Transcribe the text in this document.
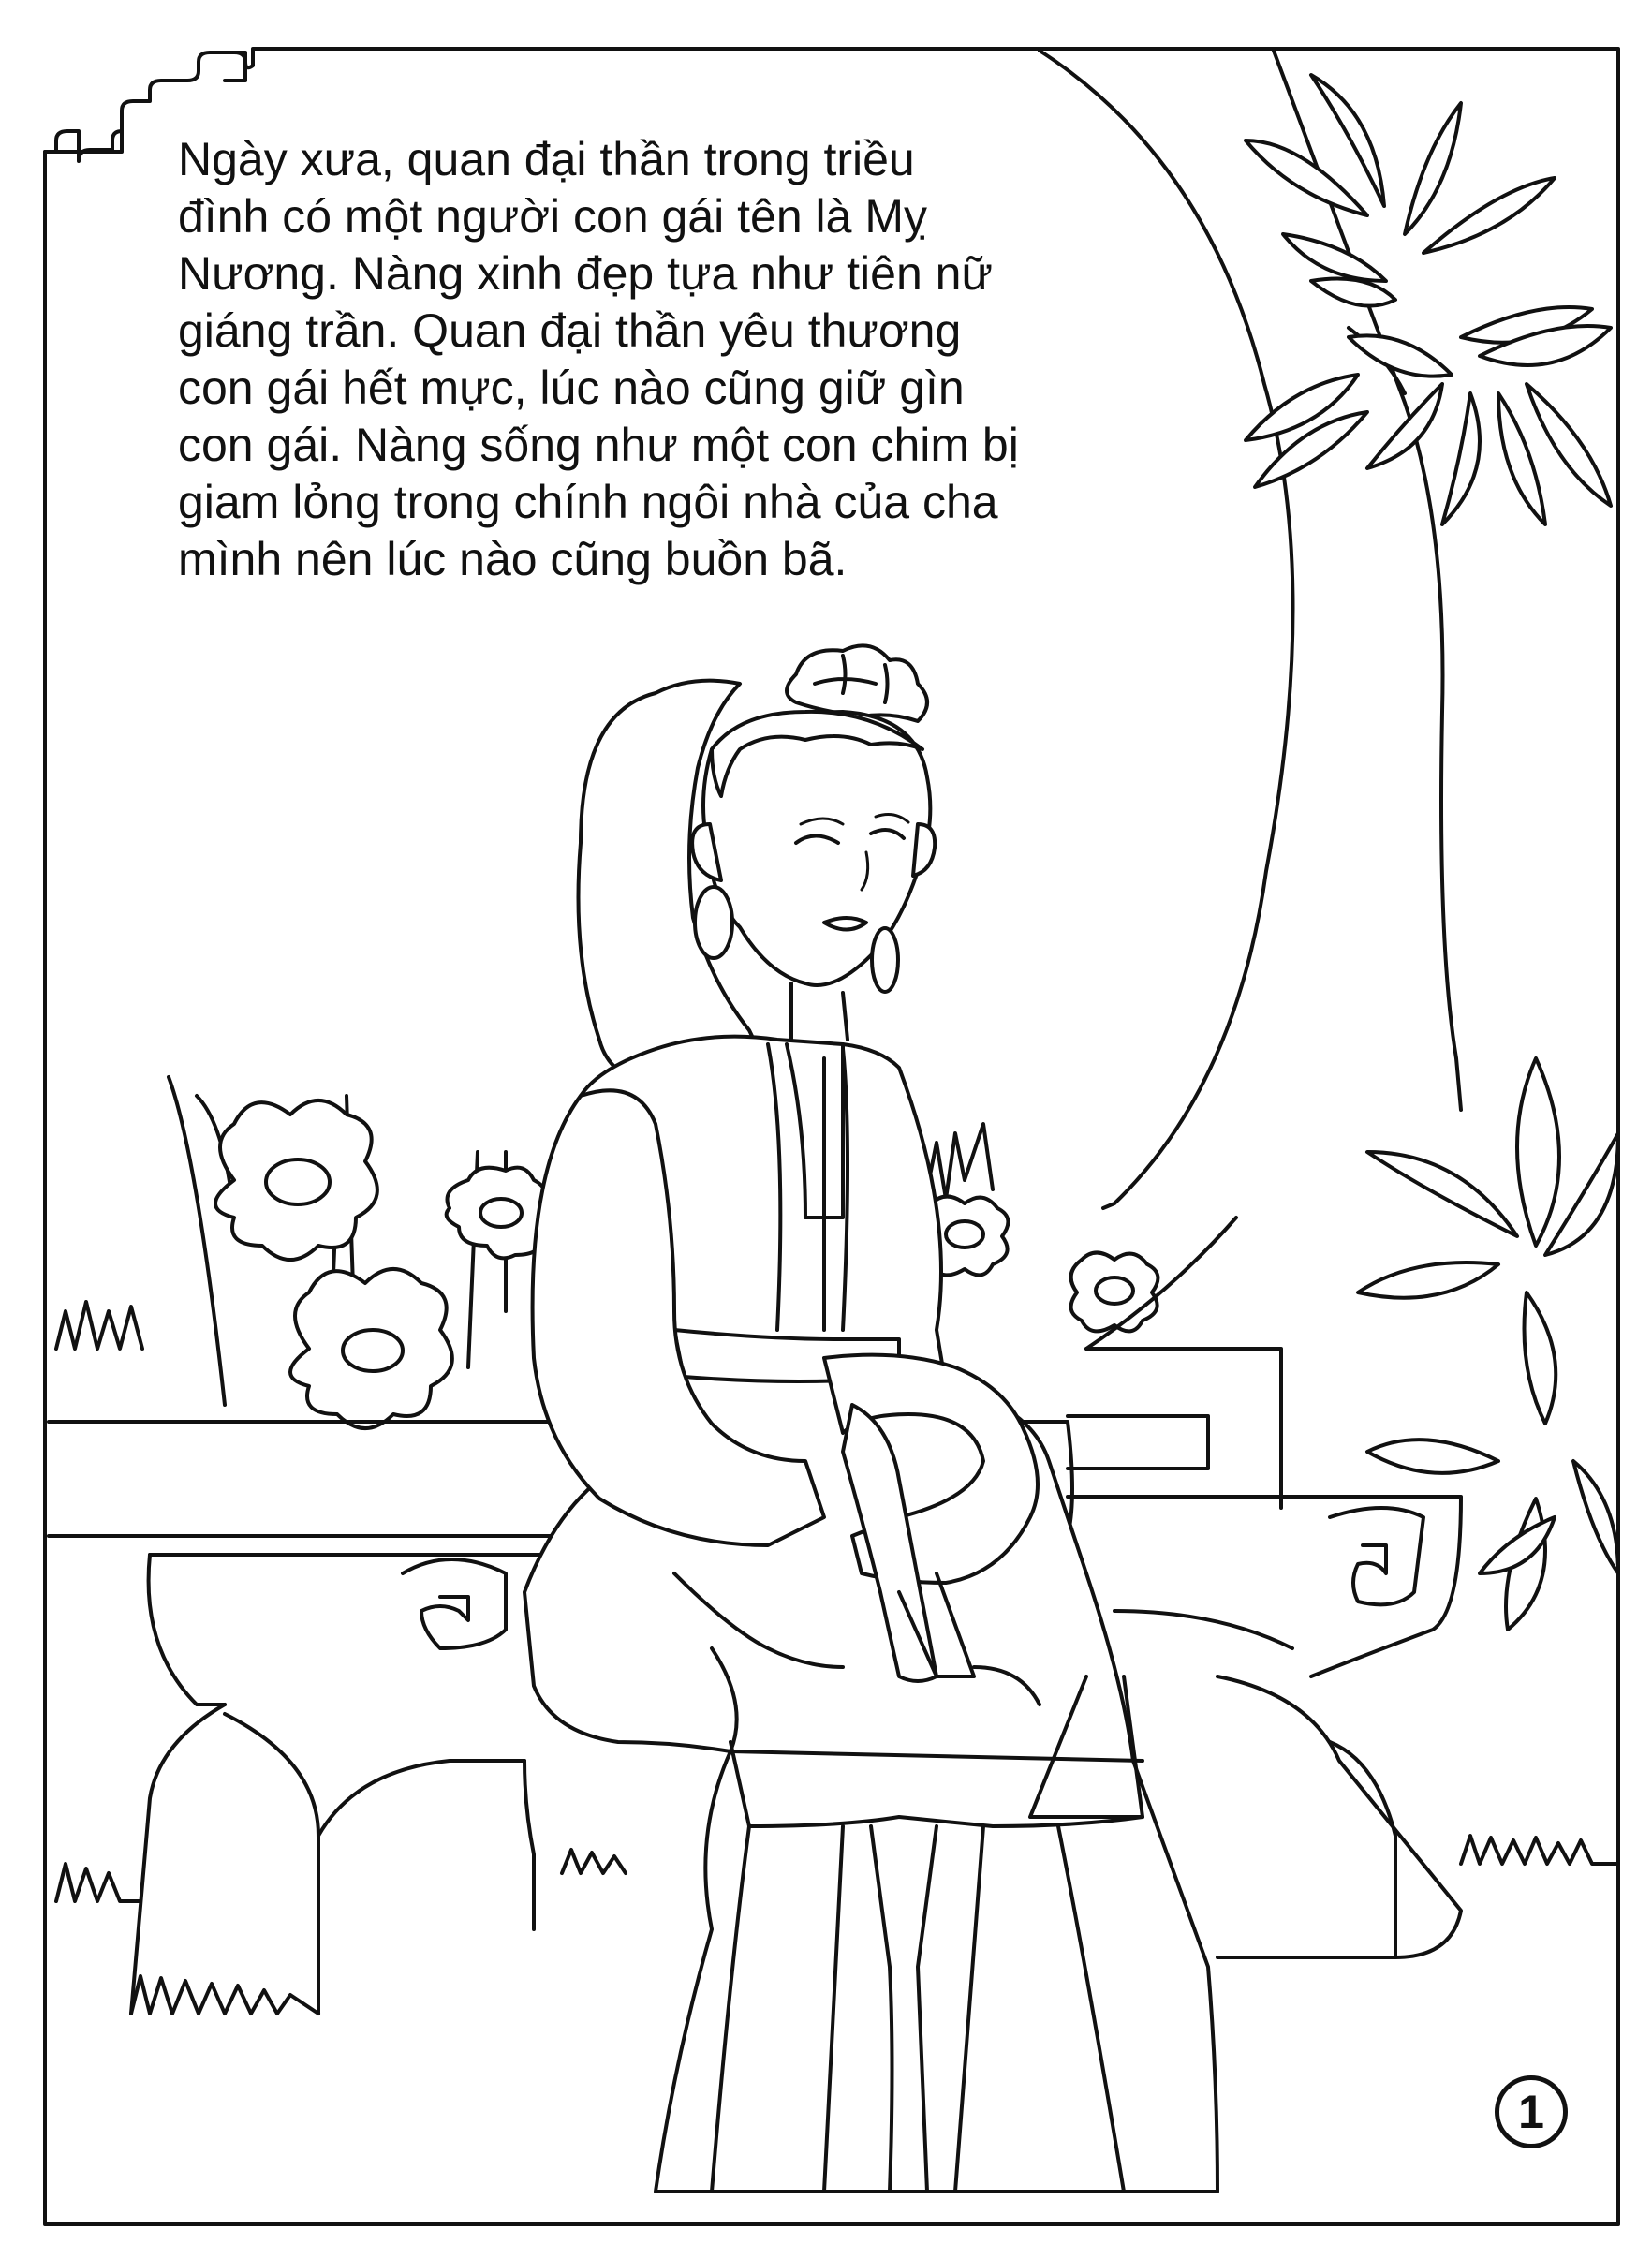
Ngày xưa, quan đại thần trong triều
đình có một người con gái tên là Mỵ
Nương. Nàng xinh đẹp tựa như tiên nữ
giáng trần. Quan đại thần yêu thương
con gái hết mực, lúc nào cũng giữ gìn
con gái. Nàng sống như một con chim bị
giam lỏng trong chính ngôi nhà của cha
mình nên lúc nào cũng buồn bã.

1
